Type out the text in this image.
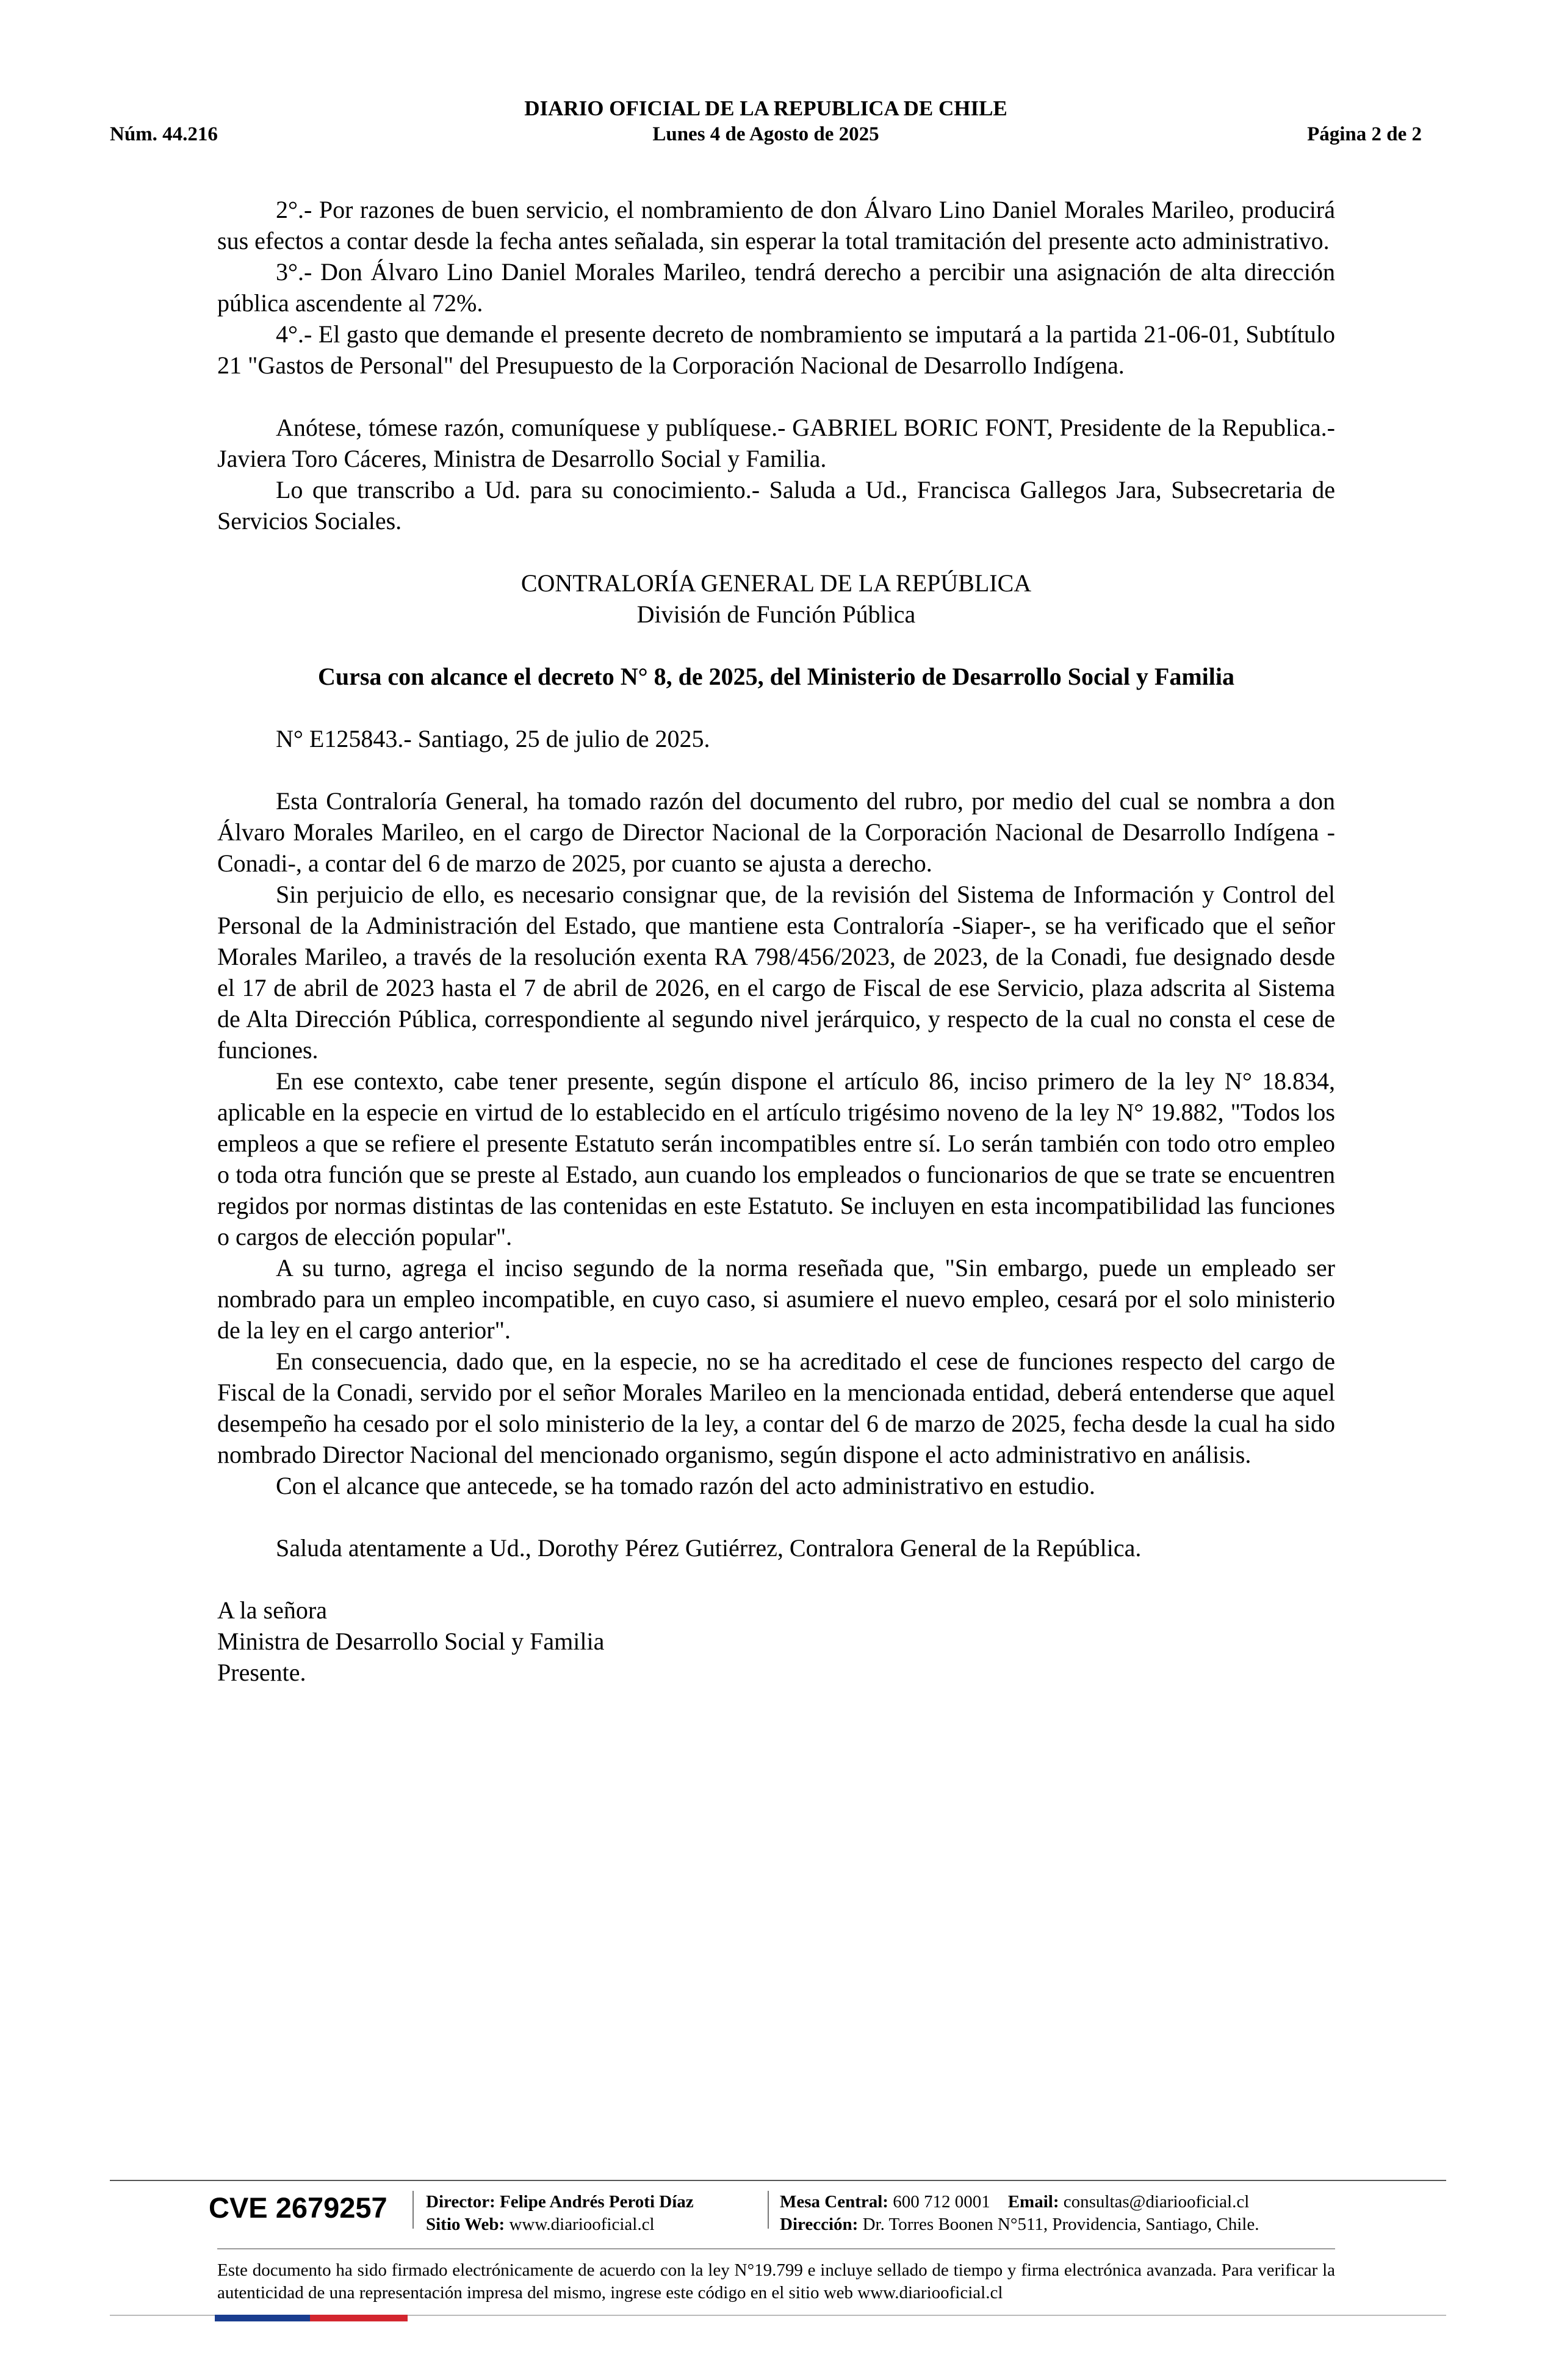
DIARIO OFICIAL DE LA REPUBLICA DE CHILE
Núm. 44.216	Lunes 4 de Agosto de 2025	Página 2 de 2

2°.- Por razones de buen servicio, el nombramiento de don Álvaro Lino Daniel Morales Marileo, producirá sus efectos a contar desde la fecha antes señalada, sin esperar la total tramitación del presente acto administrativo.

3°.- Don Álvaro Lino Daniel Morales Marileo, tendrá derecho a percibir una asignación de alta dirección pública ascendente al 72%.

4°.- El gasto que demande el presente decreto de nombramiento se imputará a la partida 21-06-01, Subtítulo 21 "Gastos de Personal" del Presupuesto de la Corporación Nacional de Desarrollo Indígena.

Anótese, tómese razón, comuníquese y publíquese.- GABRIEL BORIC FONT, Presidente de la Republica.- Javiera Toro Cáceres, Ministra de Desarrollo Social y Familia.

Lo que transcribo a Ud. para su conocimiento.- Saluda a Ud., Francisca Gallegos Jara, Subsecretaria de Servicios Sociales.

CONTRALORÍA GENERAL DE LA REPÚBLICA

División de Función Pública

Cursa con alcance el decreto N° 8, de 2025, del Ministerio de Desarrollo Social y Familia

N° E125843.- Santiago, 25 de julio de 2025.

Esta Contraloría General, ha tomado razón del documento del rubro, por medio del cual se nombra a don Álvaro Morales Marileo, en el cargo de Director Nacional de la Corporación Nacional de Desarrollo Indígena -Conadi-, a contar del 6 de marzo de 2025, por cuanto se ajusta a derecho.

Sin perjuicio de ello, es necesario consignar que, de la revisión del Sistema de Información y Control del Personal de la Administración del Estado, que mantiene esta Contraloría -Siaper-, se ha verificado que el señor Morales Marileo, a través de la resolución exenta RA 798/456/2023, de 2023, de la Conadi, fue designado desde el 17 de abril de 2023 hasta el 7 de abril de 2026, en el cargo de Fiscal de ese Servicio, plaza adscrita al Sistema de Alta Dirección Pública, correspondiente al segundo nivel jerárquico, y respecto de la cual no consta el cese de funciones.

En ese contexto, cabe tener presente, según dispone el artículo 86, inciso primero de la ley N° 18.834, aplicable en la especie en virtud de lo establecido en el artículo trigésimo noveno de la ley N° 19.882, "Todos los empleos a que se refiere el presente Estatuto serán incompatibles entre sí. Lo serán también con todo otro empleo o toda otra función que se preste al Estado, aun cuando los empleados o funcionarios de que se trate se encuentren regidos por normas distintas de las contenidas en este Estatuto. Se incluyen en esta incompatibilidad las funciones o cargos de elección popular".

A su turno, agrega el inciso segundo de la norma reseñada que, "Sin embargo, puede un empleado ser nombrado para un empleo incompatible, en cuyo caso, si asumiere el nuevo empleo, cesará por el solo ministerio de la ley en el cargo anterior".

En consecuencia, dado que, en la especie, no se ha acreditado el cese de funciones respecto del cargo de Fiscal de la Conadi, servido por el señor Morales Marileo en la mencionada entidad, deberá entenderse que aquel desempeño ha cesado por el solo ministerio de la ley, a contar del 6 de marzo de 2025, fecha desde la cual ha sido nombrado Director Nacional del mencionado organismo, según dispone el acto administrativo en análisis.

Con el alcance que antecede, se ha tomado razón del acto administrativo en estudio.

Saluda atentamente a Ud., Dorothy Pérez Gutiérrez, Contralora General de la República.

A la señora

Ministra de Desarrollo Social y Familia

Presente.

CVE 2679257 Director: Felipe Andrés Peroti Díaz
Sitio Web: www.diariooficial.cl
Mesa Central: 600 712 0001 Email: consultas@diariooficial.cl
Dirección: Dr. Torres Boonen N°511, Providencia, Santiago, Chile.
Este documento ha sido firmado electrónicamente de acuerdo con la ley N°19.799 e incluye sellado de tiempo y firma electrónica avanzada. Para verificar la autenticidad de una representación impresa del mismo, ingrese este código en el sitio web www.diariooficial.cl
